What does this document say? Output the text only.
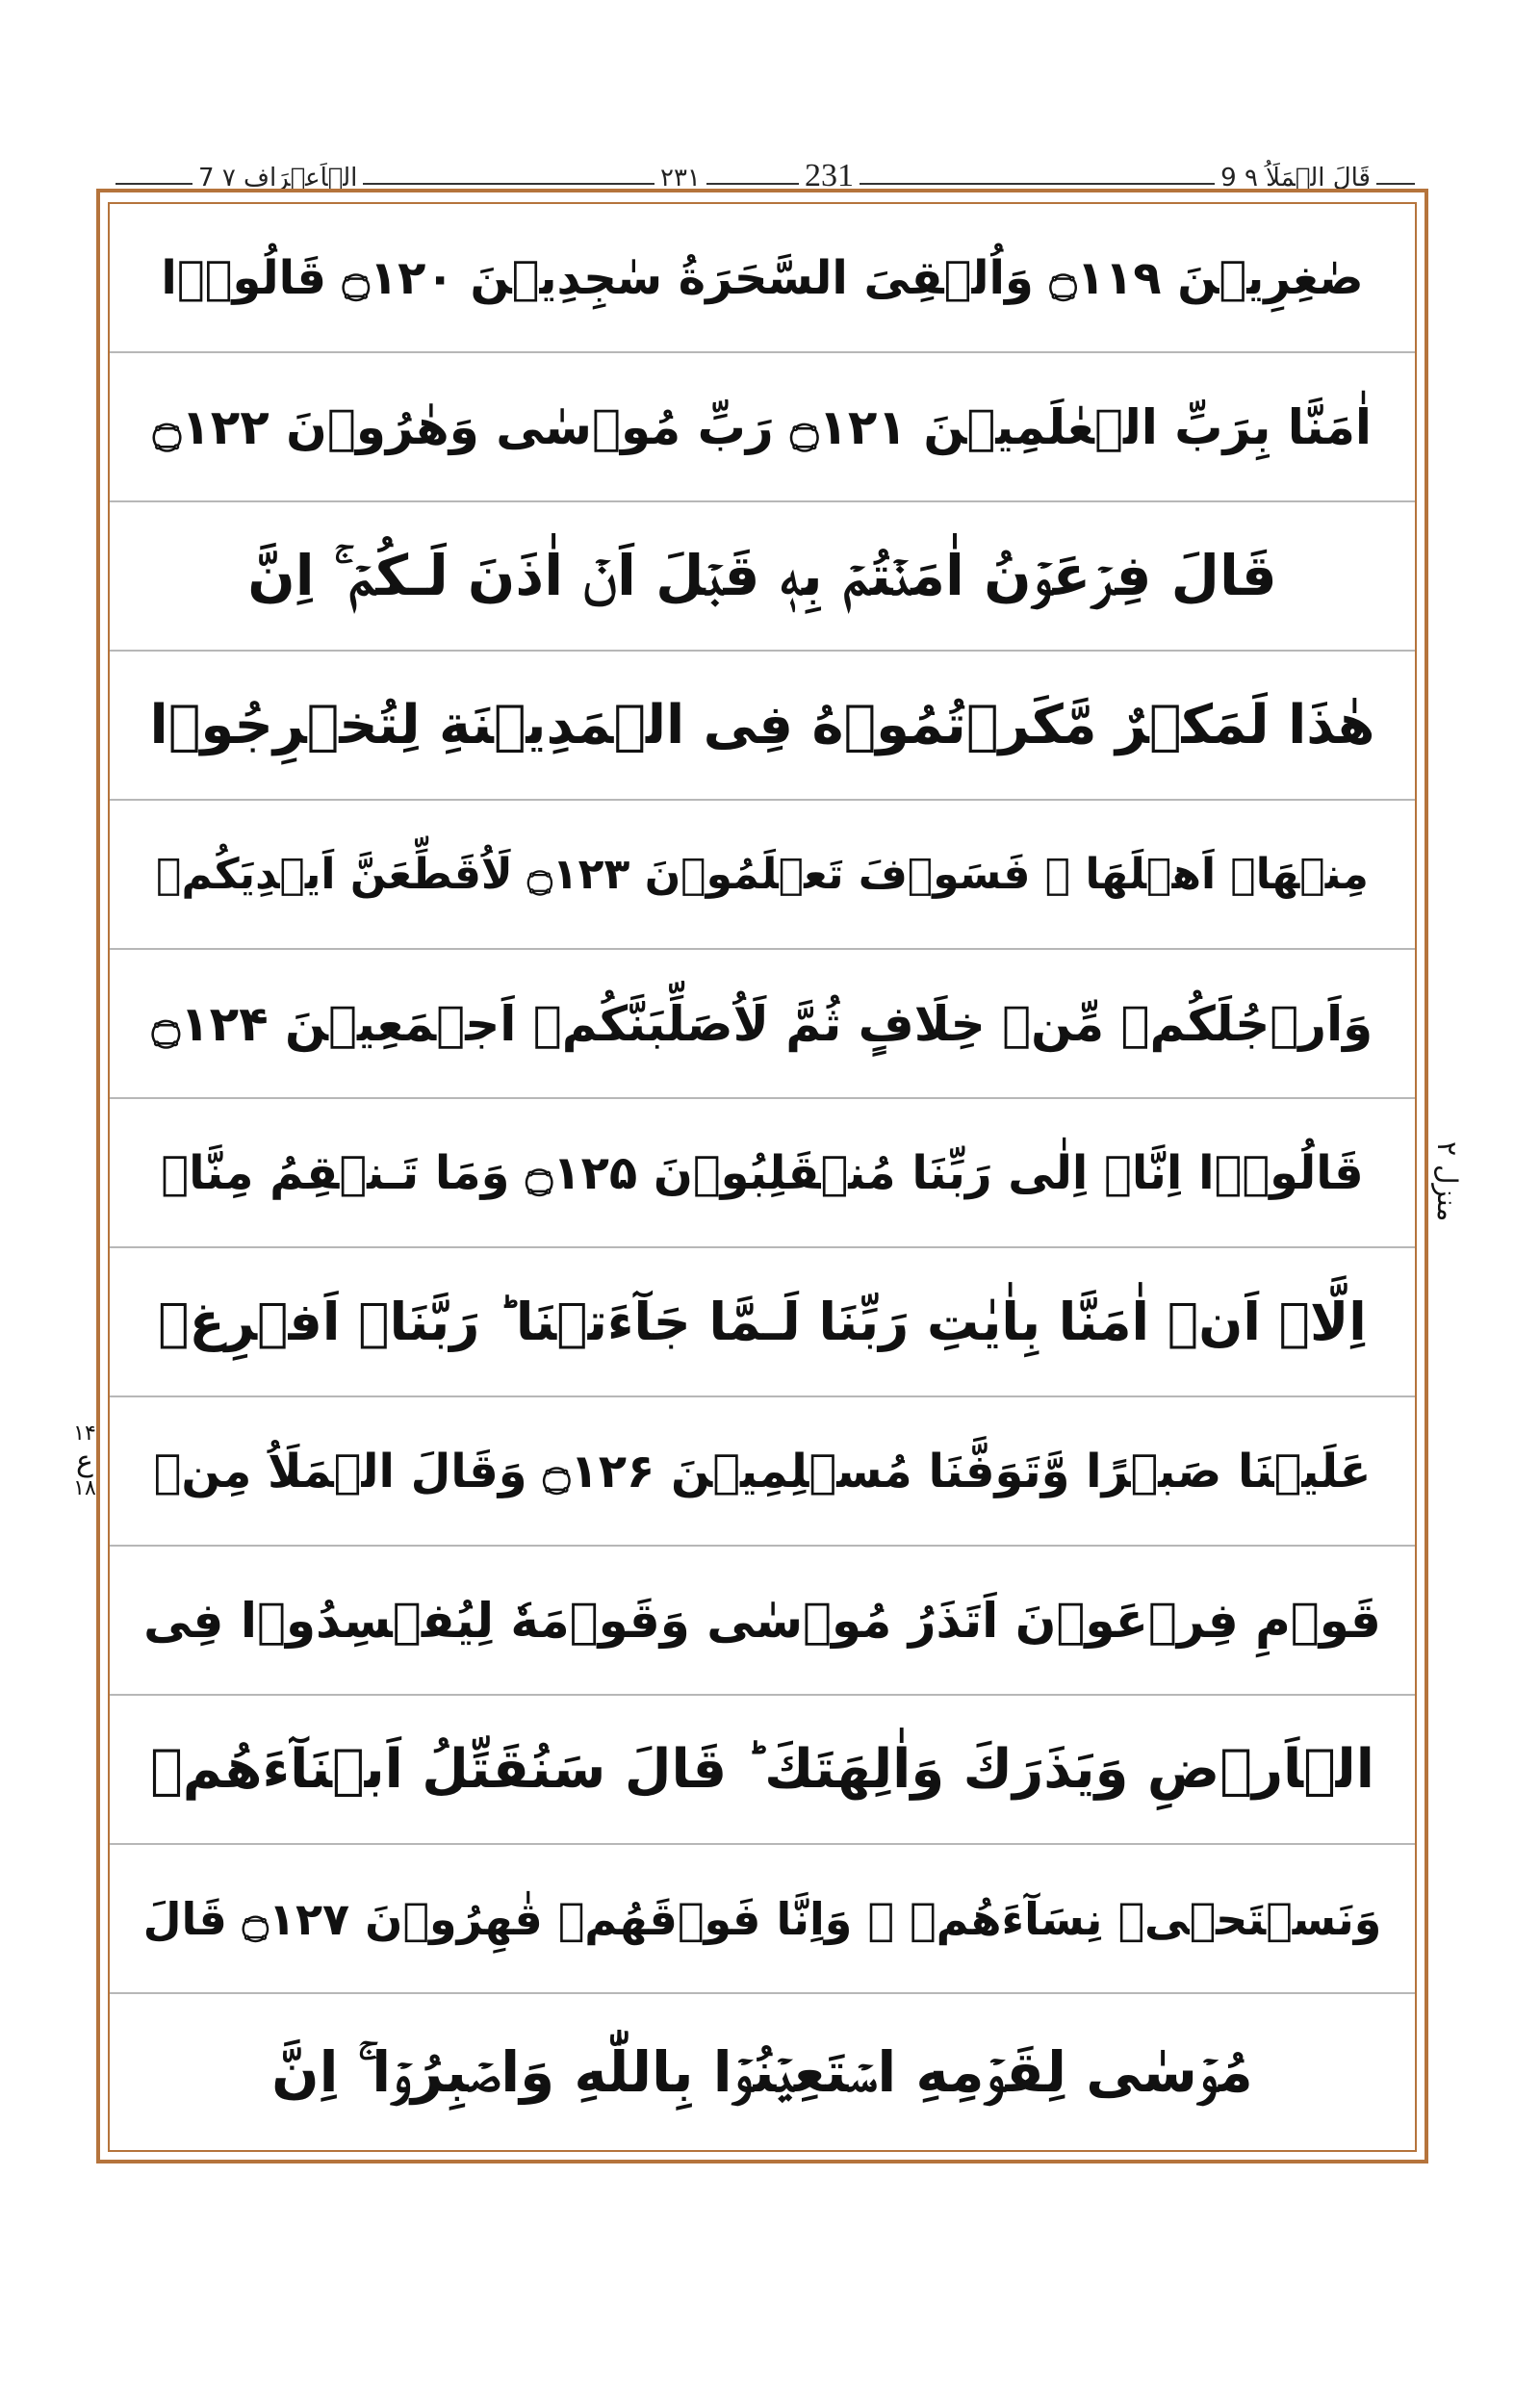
7 الۡاَعۡرَاف ۷	۲۳۱	231	9 قَالَ الۡمَلَاُ ۹
صٰغِرِيۡنَ ۝۱۱۹ وَاُلۡقِىَ السَّحَرَةُ سٰجِدِيۡنَ ۝۱۲۰ قَالُوۡۤا
اٰمَنَّا بِرَبِّ الۡعٰلَمِيۡنَ ۝۱۲۱ رَبِّ مُوۡسٰى وَهٰرُوۡنَ ۝۱۲۲
قَالَ فِرۡعَوۡنُ اٰمَنۡتُمۡ بِهٖ قَبۡلَ اَنۡ اٰذَنَ لَـكُمۡ​ ۚ اِنَّ
هٰذَا لَمَكۡرٌ مَّكَرۡتُمُوۡهُ فِى الۡمَدِيۡنَةِ لِتُخۡرِجُوۡا
مِنۡهَاۤ اَهۡلَهَا​ ۚ فَسَوۡفَ تَعۡلَمُوۡنَ ۝۱۲۳ لَاُقَطِّعَنَّ اَيۡدِيَكُمۡ
وَاَرۡجُلَكُمۡ مِّنۡ خِلَافٍ ثُمَّ لَاُصَلِّبَنَّكُمۡ اَجۡمَعِيۡنَ ۝۱۲۴
قَالُوۡۤا اِنَّاۤ اِلٰى رَبِّنَا مُنۡقَلِبُوۡنَ​ ۝۱۲۵ وَمَا تَـنۡقِمُ مِنَّاۤ
اِلَّاۤ اَنۡ اٰمَنَّا بِاٰيٰتِ رَبِّنَا لَـمَّا جَآءَتۡنَا​ ؕ رَبَّنَاۤ اَفۡرِغۡ
عَلَيۡنَا صَبۡرًا وَّتَوَفَّنَا مُسۡلِمِيۡنَ​ ۝۱۲۶ وَقَالَ الۡمَلَاُ مِنۡ
قَوۡمِ فِرۡعَوۡنَ اَتَذَرُ مُوۡسٰى وَقَوۡمَهٗ لِيُفۡسِدُوۡا فِى
الۡاَرۡضِ وَيَذَرَكَ وَاٰلِهَتَكَ​ ؕ قَالَ سَنُقَتِّلُ اَبۡنَآءَهُمۡ
وَنَسۡتَحۡىٖ نِسَآءَهُمۡ​ ۚ وَاِنَّا فَوۡقَهُمۡ قٰهِرُوۡنَ ۝۱۲۷ قَالَ
مُوۡسٰى لِقَوۡمِهِ اسۡتَعِيۡنُوۡا بِاللّٰهِ وَاصۡبِرُوۡا​ ۚ اِنَّ
منزل ۲
۱۴
ع
۱۸
